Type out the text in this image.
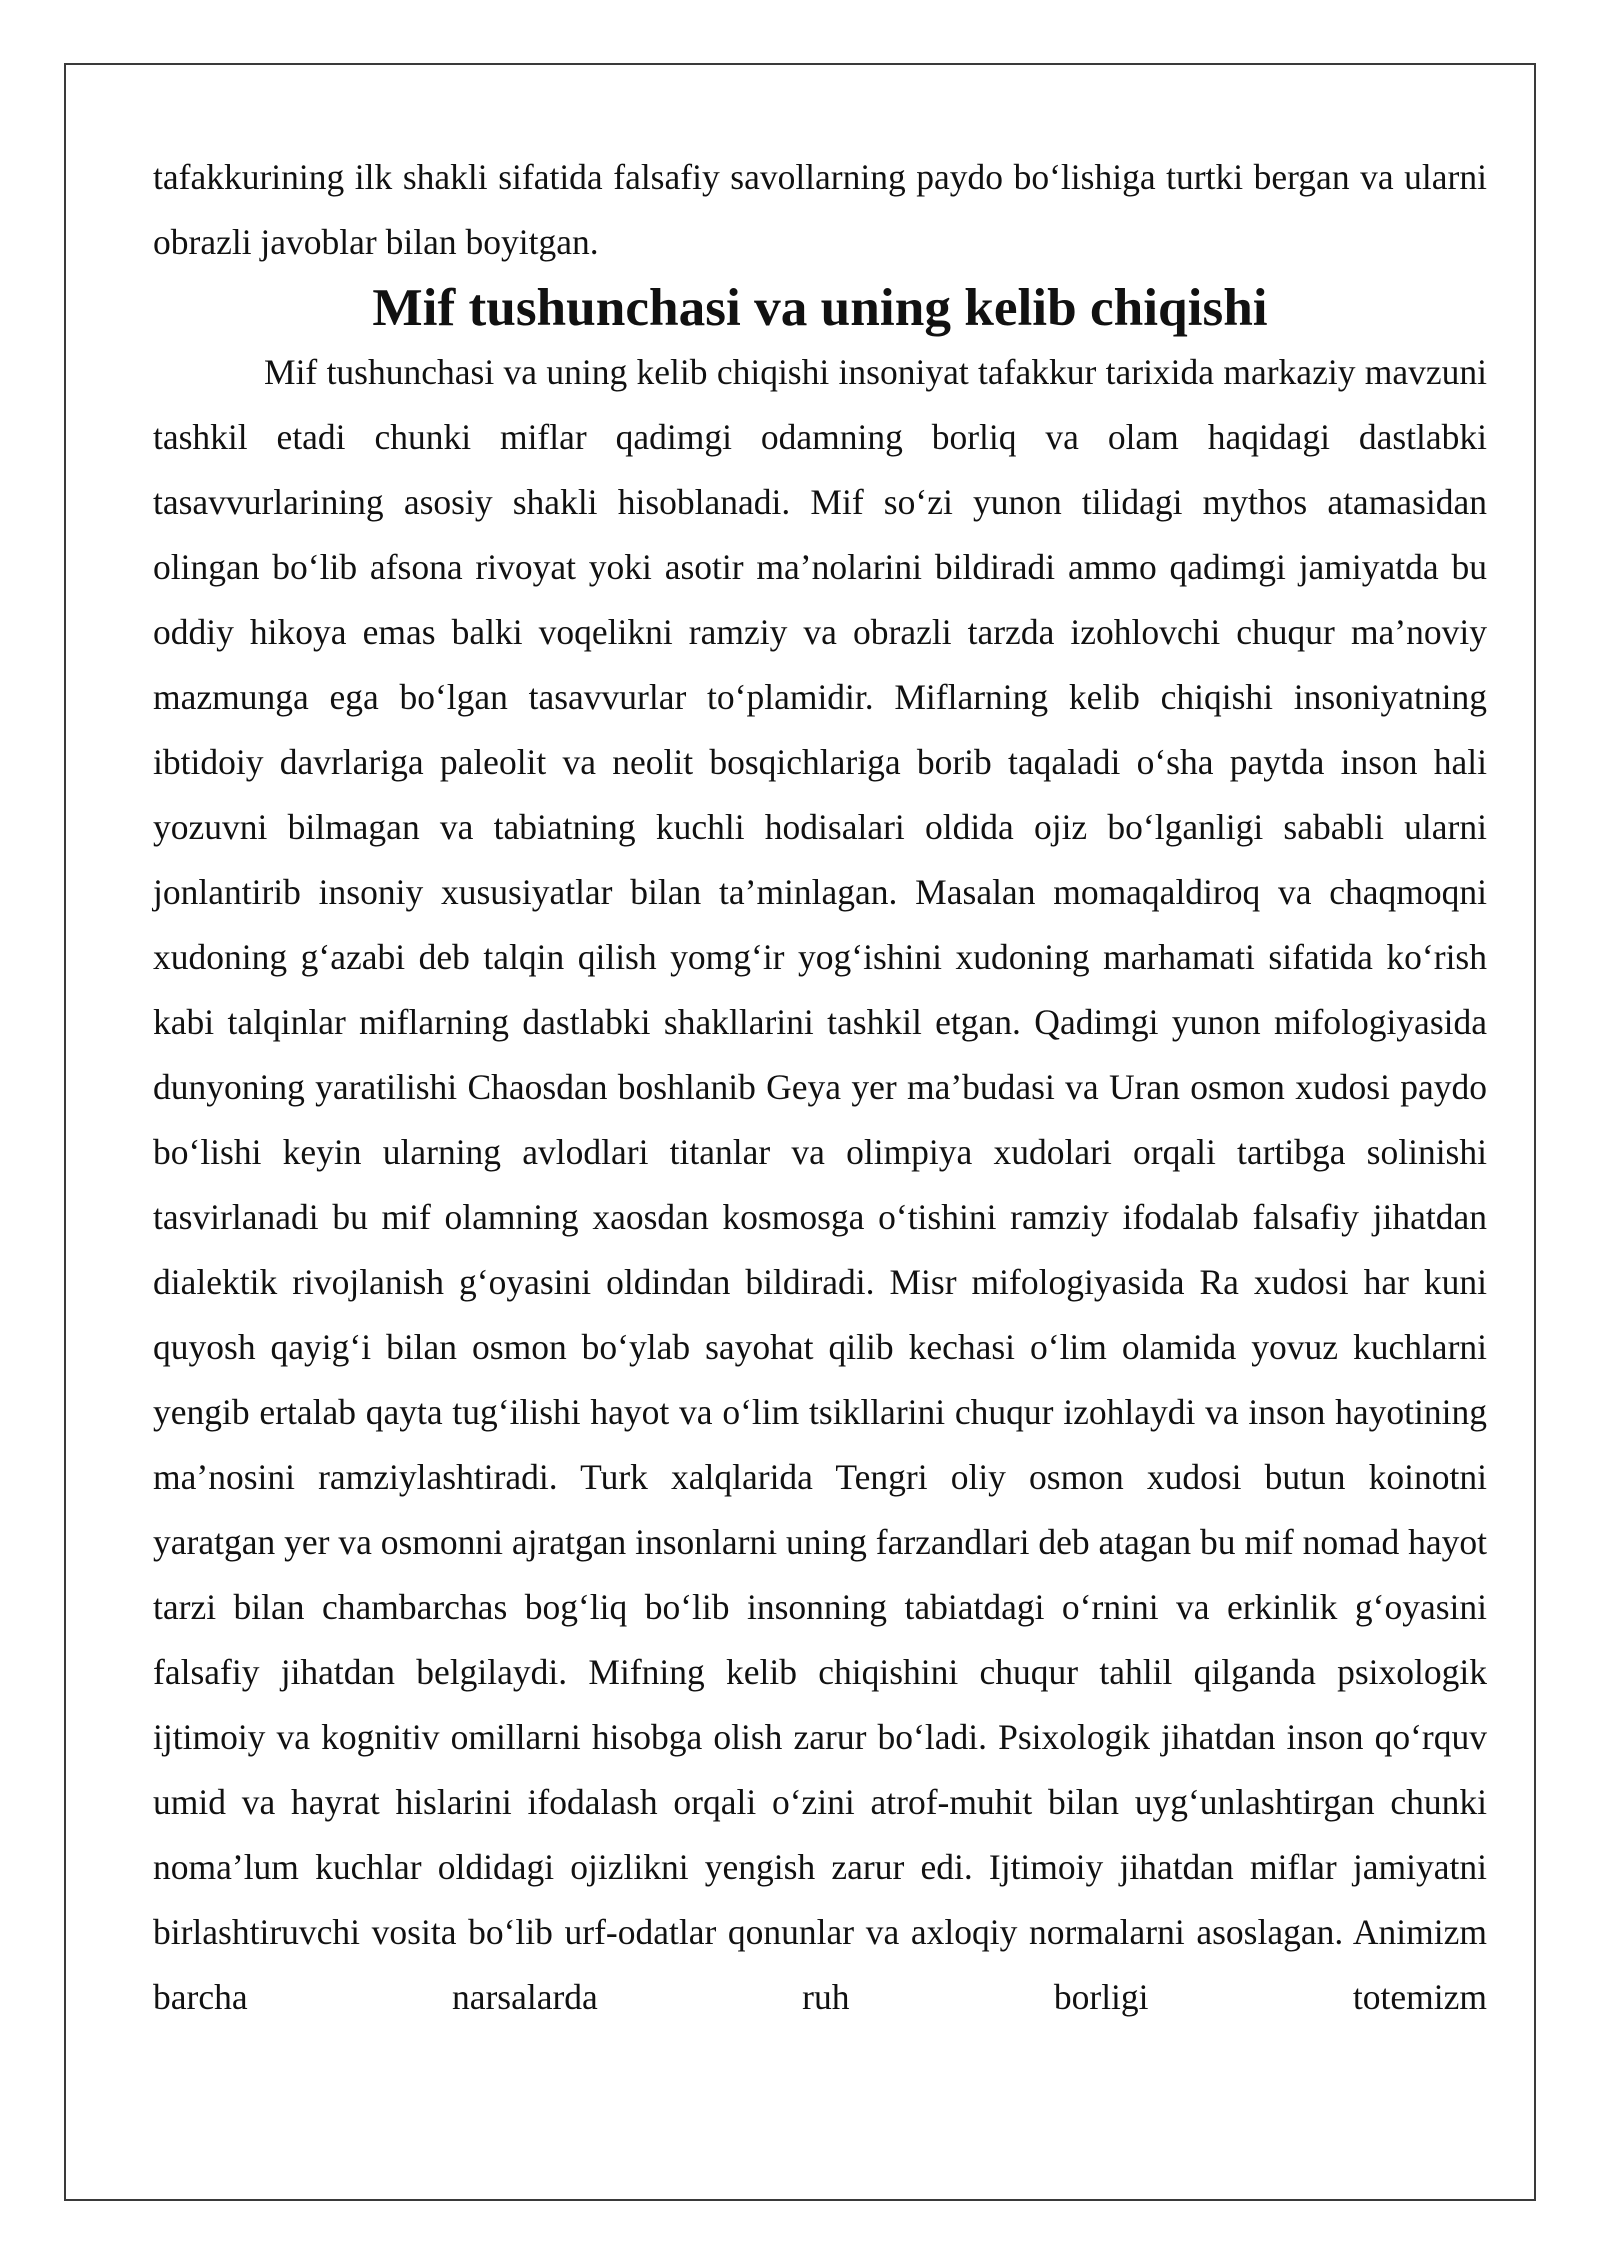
tafakkurining ilk shakli sifatida falsafiy savollarning paydo bo‘lishiga turtki bergan va ularni obrazli javoblar bilan boyitgan.

Mif tushunchasi va uning kelib chiqishi

Mif tushunchasi va uning kelib chiqishi insoniyat tafakkur tarixida markaziy mavzuni tashkil etadi chunki miflar qadimgi odamning borliq va olam haqidagi dastlabki tasavvurlarining asosiy shakli hisoblanadi. Mif so‘zi yunon tilidagi mythos atamasidan olingan bo‘lib afsona rivoyat yoki asotir ma’nolarini bildiradi ammo qadimgi jamiyatda bu oddiy hikoya emas balki voqelikni ramziy va obrazli tarzda izohlovchi chuqur ma’noviy mazmunga ega bo‘lgan tasavvurlar to‘plamidir. Miflarning kelib chiqishi insoniyatning ibtidoiy davrlariga paleolit va neolit bosqichlariga borib taqaladi o‘sha paytda inson hali yozuvni bilmagan va tabiatning kuchli hodisalari oldida ojiz bo‘lganligi sababli ularni jonlantirib insoniy xususiyatlar bilan ta’minlagan. Masalan momaqaldiroq va chaqmoqni xudoning g‘azabi deb talqin qilish yomg‘ir yog‘ishini xudoning marhamati sifatida ko‘rish kabi talqinlar miflarning dastlabki shakllarini tashkil etgan. Qadimgi yunon mifologiyasida dunyoning yaratilishi Chaosdan boshlanib Geya yer ma’budasi va Uran osmon xudosi paydo bo‘lishi keyin ularning avlodlari titanlar va olimpiya xudolari orqali tartibga solinishi tasvirlanadi bu mif olamning xaosdan kosmosga o‘tishini ramziy ifodalab falsafiy jihatdan dialektik rivojlanish g‘oyasini oldindan bildiradi. Misr mifologiyasida Ra xudosi har kuni quyosh qayig‘i bilan osmon bo‘ylab sayohat qilib kechasi o‘lim olamida yovuz kuchlarni yengib ertalab qayta tug‘ilishi hayot va o‘lim tsikllarini chuqur izohlaydi va inson hayotining ma’nosini ramziylashtiradi. Turk xalqlarida Tengri oliy osmon xudosi butun koinotni yaratgan yer va osmonni ajratgan insonlarni uning farzandlari deb atagan bu mif nomad hayot tarzi bilan chambarchas bog‘liq bo‘lib insonning tabiatdagi o‘rnini va erkinlik g‘oyasini falsafiy jihatdan belgilaydi. Mifning kelib chiqishini chuqur tahlil qilganda psixologik ijtimoiy va kognitiv omillarni hisobga olish zarur bo‘ladi. Psixologik jihatdan inson qo‘rquv umid va hayrat hislarini ifodalash orqali o‘zini atrof-muhit bilan uyg‘unlashtirgan chunki noma’lum kuchlar oldidagi ojizlikni yengish zarur edi. Ijtimoiy jihatdan miflar jamiyatni birlashtiruvchi vosita bo‘lib urf-odatlar qonunlar va axloqiy normalarni asoslagan. Animizm barcha narsalarda ruh borligi totemizm
